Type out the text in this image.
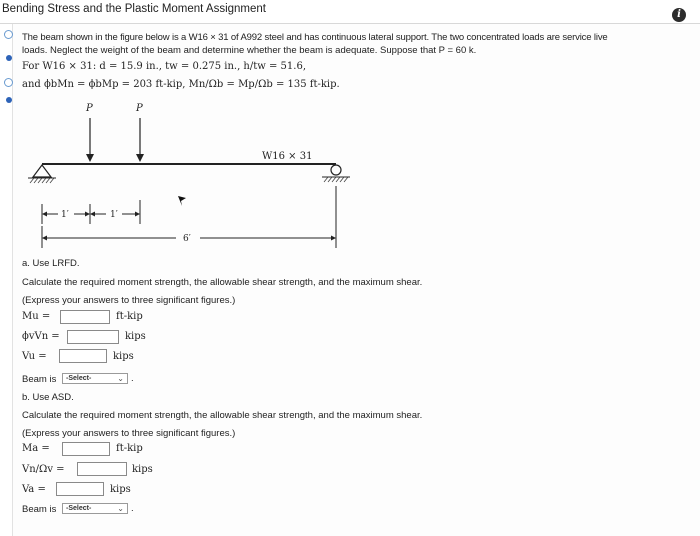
Bending Stress and the Plastic Moment Assignment	i
The beam shown in the figure below is a W16 × 31 of A992 steel and has continuous lateral support. The two concentrated loads are service live
loads. Neglect the weight of the beam and determine whether the beam is adequate. Suppose that P = 60 k.
For W16 × 31: d = 15.9 in., tw = 0.275 in., h/tw = 51.6,
and ϕbMn = ϕbMp = 203 ft-kip, Mn/Ωb = Mp/Ωb = 135 ft-kip.
P	P
W16 × 31
1′	1′
6′
a. Use LRFD.
Calculate the required moment strength, the allowable shear strength, and the maximum shear.
(Express your answers to three significant figures.)
Mu =	ft-kip
ϕvVn =	kips
Vu =	kips
Beam is	-Select-	⌄ .
b. Use ASD.
Calculate the required moment strength, the allowable shear strength, and the maximum shear.
(Express your answers to three significant figures.)
Ma =	ft-kip
Vn/Ωv =	kips
Va =	kips
Beam is	-Select-	⌄ .
